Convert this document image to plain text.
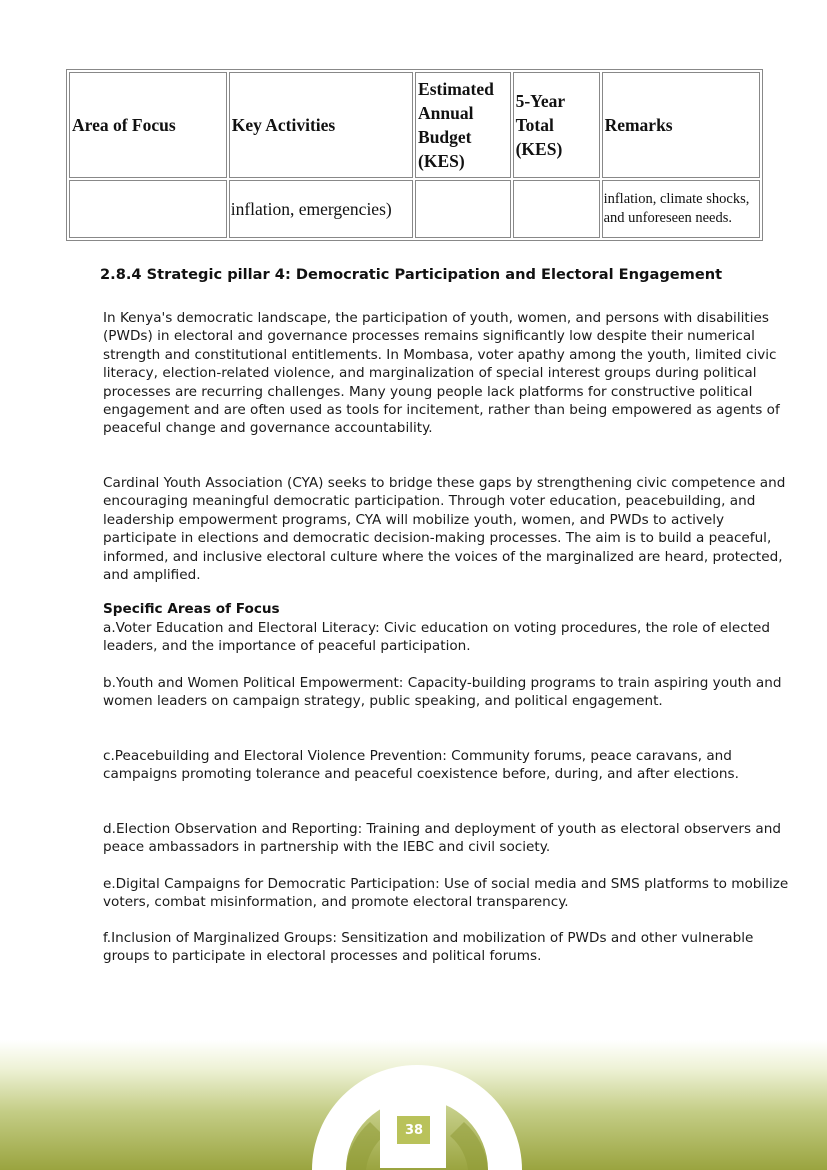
Area of Focus	Key Activities	Estimated Annual Budget (KES)	5-Year Total (KES)	Remarks
	inflation, emergencies)			inflation, climate shocks, and unforeseen needs.
2.8.4 Strategic pillar 4: Democratic Participation and Electoral Engagement

In Kenya's democratic landscape, the participation of youth, women, and persons with disabilities (PWDs) in electoral and governance processes remains significantly low despite their numerical strength and constitutional entitlements. In Mombasa, voter apathy among the youth, limited civic literacy, election-related violence, and marginalization of special interest groups during political processes are recurring challenges. Many young people lack platforms for constructive political engagement and are often used as tools for incitement, rather than being empowered as agents of peaceful change and governance accountability.

Cardinal Youth Association (CYA) seeks to bridge these gaps by strengthening civic competence and encouraging meaningful democratic participation. Through voter education, peacebuilding, and leadership empowerment programs, CYA will mobilize youth, women, and PWDs to actively participate in elections and democratic decision-making processes. The aim is to build a peaceful, informed, and inclusive electoral culture where the voices of the marginalized are heard, protected, and amplified.

Specific Areas of Focus

a.Voter Education and Electoral Literacy: Civic education on voting procedures, the role of elected leaders, and the importance of peaceful participation.

b.Youth and Women Political Empowerment: Capacity-building programs to train aspiring youth and women leaders on campaign strategy, public speaking, and political engagement.

c.Peacebuilding and Electoral Violence Prevention: Community forums, peace caravans, and campaigns promoting tolerance and peaceful coexistence before, during, and after elections.

d.Election Observation and Reporting: Training and deployment of youth as electoral observers and peace ambassadors in partnership with the IEBC and civil society.

e.Digital Campaigns for Democratic Participation: Use of social media and SMS platforms to mobilize voters, combat misinformation, and promote electoral transparency.

f.Inclusion of Marginalized Groups: Sensitization and mobilization of PWDs and other vulnerable groups to participate in electoral processes and political forums.

38
